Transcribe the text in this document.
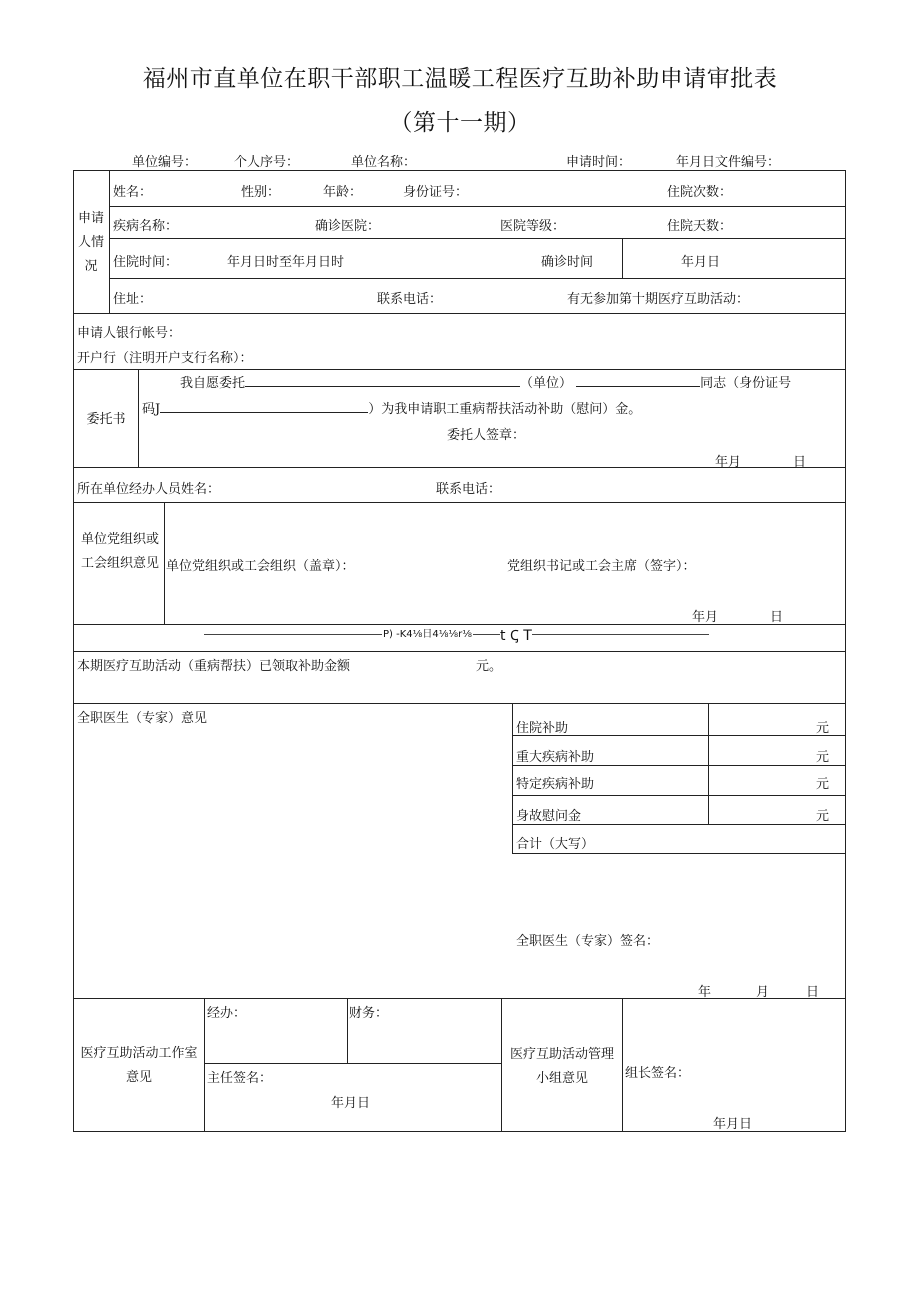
福州市直单位在职干部职工温暖工程医疗互助补助申请审批表
（第十一期）
单位编号：	个人序号：	单位名称：	申请时间：	年月日文件编号：
申请人情况
姓名：	性别：	年龄：	身份证号：	住院次数：
疾病名称：	确诊医院：	医院等级：	住院天数：
住院时间：	年月日时至年月日时	确诊时间	年月日
住址：	联系电话：	有无参加第十期医疗互助活动：
申请人银行帐号：
开户行（注明开户支行名称）：
委托书
我自愿委托	（单位）	同志（身份证号
码J	）为我申请职工重病帮扶活动补助（慰问）金。
委托人签章：
年月　　　　日
所在单位经办人员姓名：	联系电话：
单位党组织或工会组织意见 单位党组织或工会组织（盖章）：	党组织书记或工会主席（签字）：
年月　　　　日
P) -K4⅛日4⅛⅛r⅛ t Ꞔ T
本期医疗互助活动（重病帮扶）已领取补助金额	元。
全职医生（专家）意见
住院补助	元
重大疾病补助	元
特定疾病补助	元
身故慰问金	元
合计（大写）
全职医生（专家）签名：
年	月	日
医疗互助活动工作室意见
经办：	财务：
主任签名：
年月日
医疗互助活动管理小组意见	组长签名：
年月日
